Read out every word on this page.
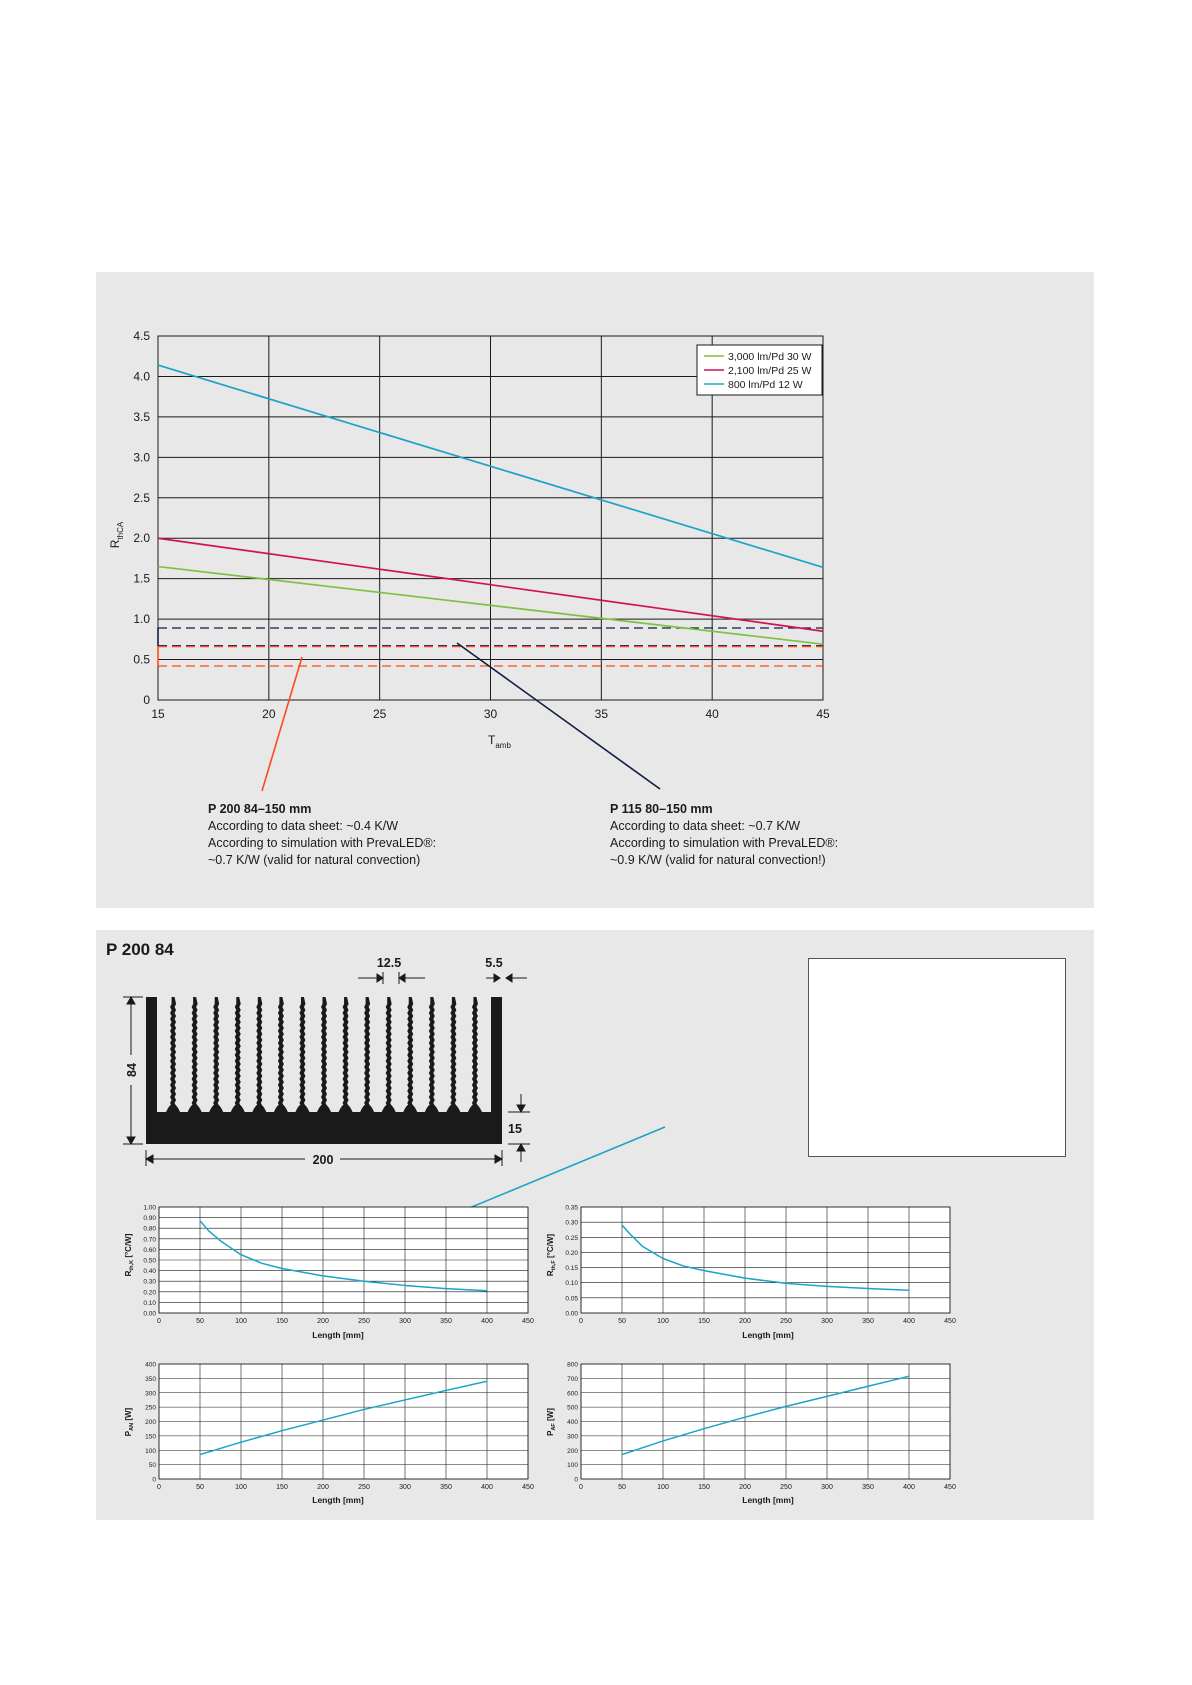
15	20	25	30	35	40	45
0
0.5
1.0
1.5
2.0
2.5
3.0
3.5
4.0
4.5
$R_{thCA}$
$T_{amb}$
3,000 lm/Pd 30 W
2,100 lm/Pd 25 W
800 lm/Pd 12 W
P 200 84–150 mm
According to data sheet: ~0.4 K/W
According to simulation with PrevaLED®:
~0.7 K/W (valid for natural convection)
P 115 80–150 mm
According to data sheet: ~0.7 K/W
According to simulation with PrevaLED®:
~0.9 K/W (valid for natural convection!)
P 200 84
12.5	5.5
84
15
200
0	50	100	150	200	250	300	350	400	450
0.00
0.10
0.20
0.30
0.40
0.50
0.60
0.70
0.80
0.90
1.00
0	50	100	150	200	250	300	350	400	450
0.00
0.05
0.10
0.15
0.20
0.25
0.30
0.35
0	50	100	150	200	250	300	350	400	450
0
50
100
150
200
250
300
350
400
0	50	100	150	200	250	300	350	400	450
0
100
200
300
400
500
600
700
800
Length [mm]	Length [mm]
Length [mm]	Length [mm]
$R_{th,K}$ [°C/W]
$R_{th,F}$ [°C/W]
$P_{AN}$ [W]
$P_{AF}$ [W]
